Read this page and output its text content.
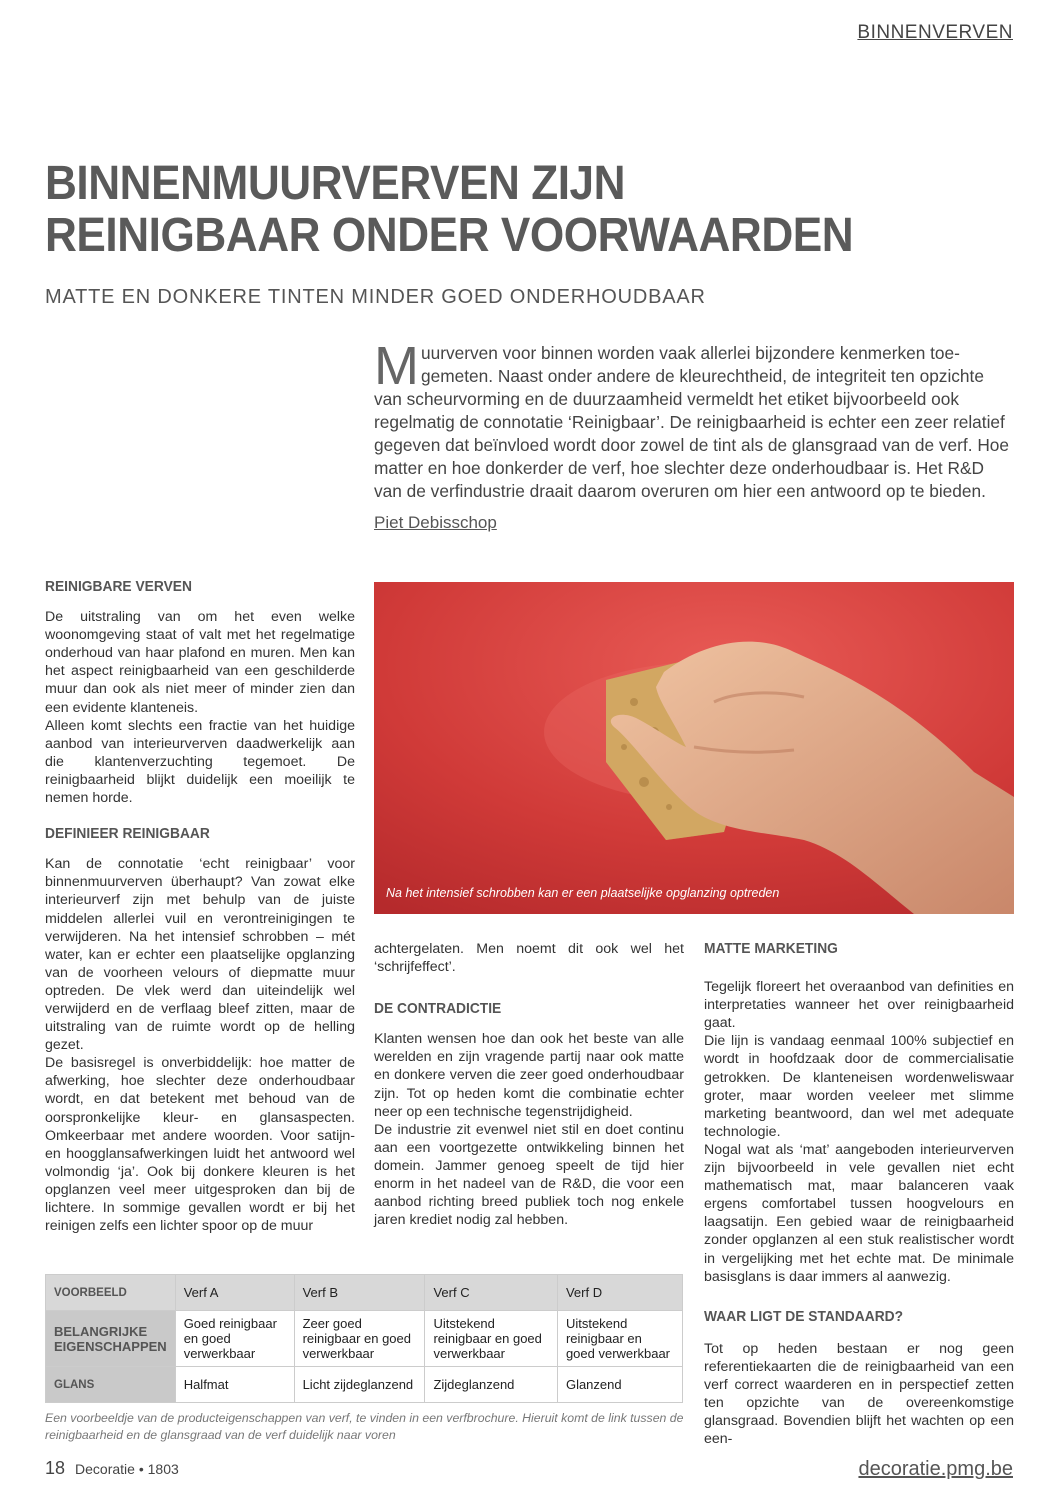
BINNENVERVEN
BINNENMUURVERVEN ZIJN
REINIGBAAR ONDER VOORWAARDEN
MATTE EN DONKERE TINTEN MINDER GOED ONDERHOUDBAAR
Muurverven voor binnen worden vaak allerlei bijzondere kenmerken toe-gemeten. Naast onder andere de kleurechtheid, de integriteit ten opzichte van scheurvorming en de duurzaamheid vermeldt het etiket bijvoorbeeld ook regelmatig de connotatie ‘Reinigbaar’. De reinigbaarheid is echter een zeer relatief gegeven dat beïnvloed wordt door zowel de tint als de glansgraad van de verf. Hoe matter en hoe donkerder de verf, hoe slechter deze onderhoudbaar is. Het R&D van de verfindustrie draait daarom overuren om hier een antwoord op te bieden.
Piet Debisschop
REINIGBARE VERVEN

De uitstraling van om het even welke woonomgeving staat of valt met het regelmatige onderhoud van haar plafond en muren. Men kan het aspect reinigbaarheid van een geschilderde muur dan ook als niet meer of minder zien dan een evidente klanteneis.

Alleen komt slechts een fractie van het huidige aanbod van interieurverven daadwerkelijk aan die klantenverzuchting tegemoet. De reinigbaarheid blijkt duidelijk een moeilijk te nemen horde.

DEFINIEER REINIGBAAR

Kan de connotatie ‘echt reinigbaar’ voor binnenmuurverven überhaupt? Van zowat elke interieurverf zijn met behulp van de juiste middelen allerlei vuil en verontreinigingen te verwijderen. Na het intensief schrobben – mét water, kan er echter een plaatselijke opglanzing van de voorheen velours of diepmatte muur optreden. De vlek werd dan uiteindelijk wel verwijderd en de verflaag bleef zitten, maar de uitstraling van de ruimte wordt op de helling gezet.

De basisregel is onverbiddelijk: hoe matter de afwerking, hoe slechter deze onderhoudbaar wordt, en dat betekent met behoud van de oorspronkelijke kleur- en glansaspecten. Omkeerbaar met andere woorden. Voor satijn- en hoogglansafwerkingen luidt het antwoord wel volmondig ‘ja’. Ook bij donkere kleuren is het opglanzen veel meer uitgesproken dan bij de lichtere. In sommige gevallen wordt er bij het reinigen zelfs een lichter spoor op de muur

Na het intensief schrobben kan er een plaatselijke opglanzing optreden

achtergelaten. Men noemt dit ook wel het ‘schrijfeffect’.

DE CONTRADICTIE

Klanten wensen hoe dan ook het beste van alle werelden en zijn vragende partij naar ook matte en donkere verven die zeer goed onderhoudbaar zijn. Tot op heden komt die combinatie echter neer op een technische tegenstrijdigheid.

De industrie zit evenwel niet stil en doet continu aan een voortgezette ontwikkeling binnen het domein. Jammer genoeg speelt de tijd hier enorm in het nadeel van de R&D, die voor een aanbod richting breed publiek toch nog enkele jaren krediet nodig zal hebben.

MATTE MARKETING

Tegelijk floreert het overaanbod van definities en interpretaties wanneer het over reinigbaarheid gaat.

Die lijn is vandaag eenmaal 100% subjectief en wordt in hoofdzaak door de commercialisatie getrokken. De klanteneisen wordenweliswaar groter, maar worden veeleer met slimme marketing beantwoord, dan wel met adequate technologie.

Nogal wat als ‘mat’ aangeboden interieurverven zijn bijvoorbeeld in vele gevallen niet echt mathematisch mat, maar balanceren vaak ergens comfortabel tussen hoogvelours en laagsatijn. Een gebied waar de reinigbaarheid zonder opglanzen al een stuk realistischer wordt in vergelijking met het echte mat. De minimale basisglans is daar immers al aanwezig.

WAAR LIGT DE STANDAARD?

Tot op heden bestaan er nog geen referentiekaarten die de reinigbaarheid van een verf correct waarderen en in perspectief zetten ten opzichte van de overeenkomstige glansgraad. Bovendien blijft het wachten op een een-

VOORBEELD	Verf A	Verf B	Verf C	Verf D
BELANGRIJKE EIGENSCHAPPEN	Goed reinigbaar en goed verwerkbaar	Zeer goed reinigbaar en goed verwerkbaar	Uitstekend reinigbaar en goed verwerkbaar	Uitstekend reinigbaar en goed verwerkbaar
GLANS	Halfmat	Licht zijdeglanzend	Zijdeglanzend	Glanzend
Een voorbeeldje van de producteigenschappen van verf, te vinden in een verfbrochure. Hieruit komt de link tussen de reinigbaarheid en de glansgraad van de verf duidelijk naar voren
18 Decoratie • 1803	decoratie.pmg.be
